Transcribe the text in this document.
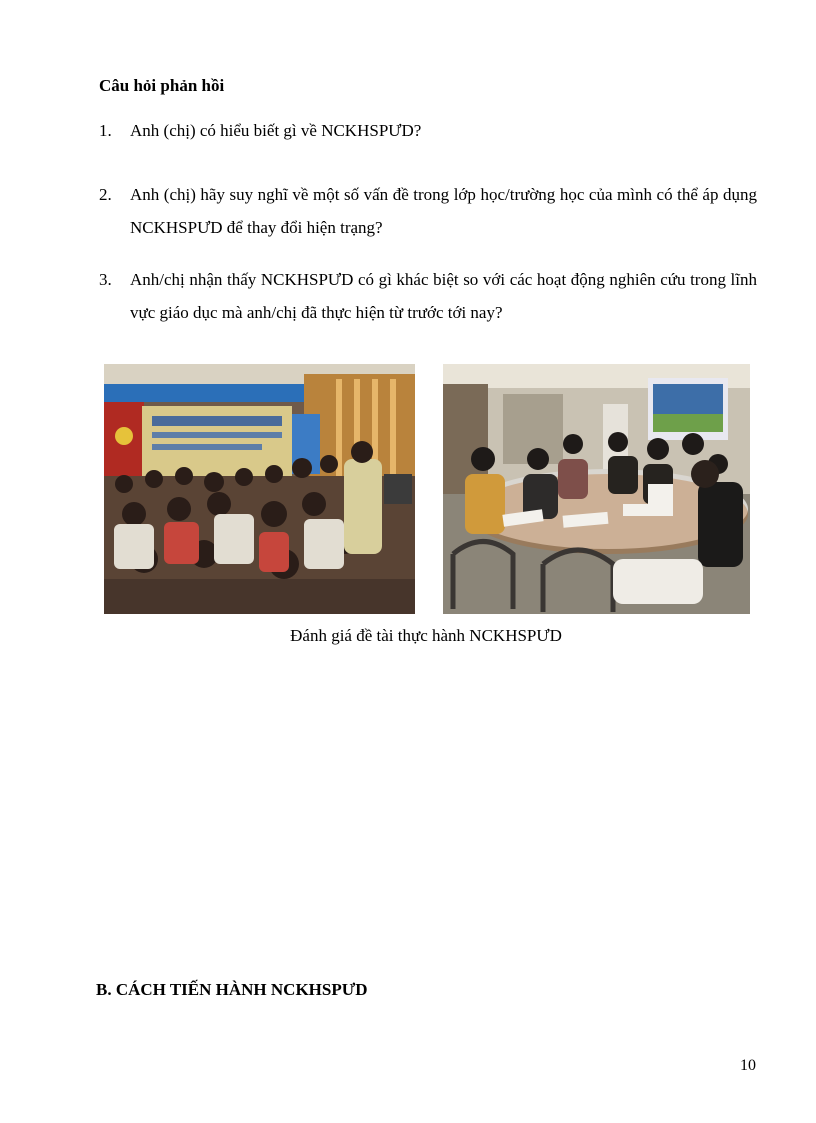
Câu hỏi phản hồi
1. Anh (chị) có hiểu biết gì về NCKHSPƯD?
2. Anh (chị) hãy suy nghĩ về một số vấn đề trong lớp học/trường học của mình có thể áp dụng NCKHSPƯD để thay đổi hiện trạng?
3. Anh/chị nhận thấy NCKHSPƯD có gì khác biệt so với các hoạt động nghiên cứu trong lĩnh vực giáo dục mà anh/chị đã thực hiện từ trước tới nay?
Đánh giá đề tài thực hành NCKHSPƯD
B. CÁCH TIẾN HÀNH NCKHSPƯD
10
